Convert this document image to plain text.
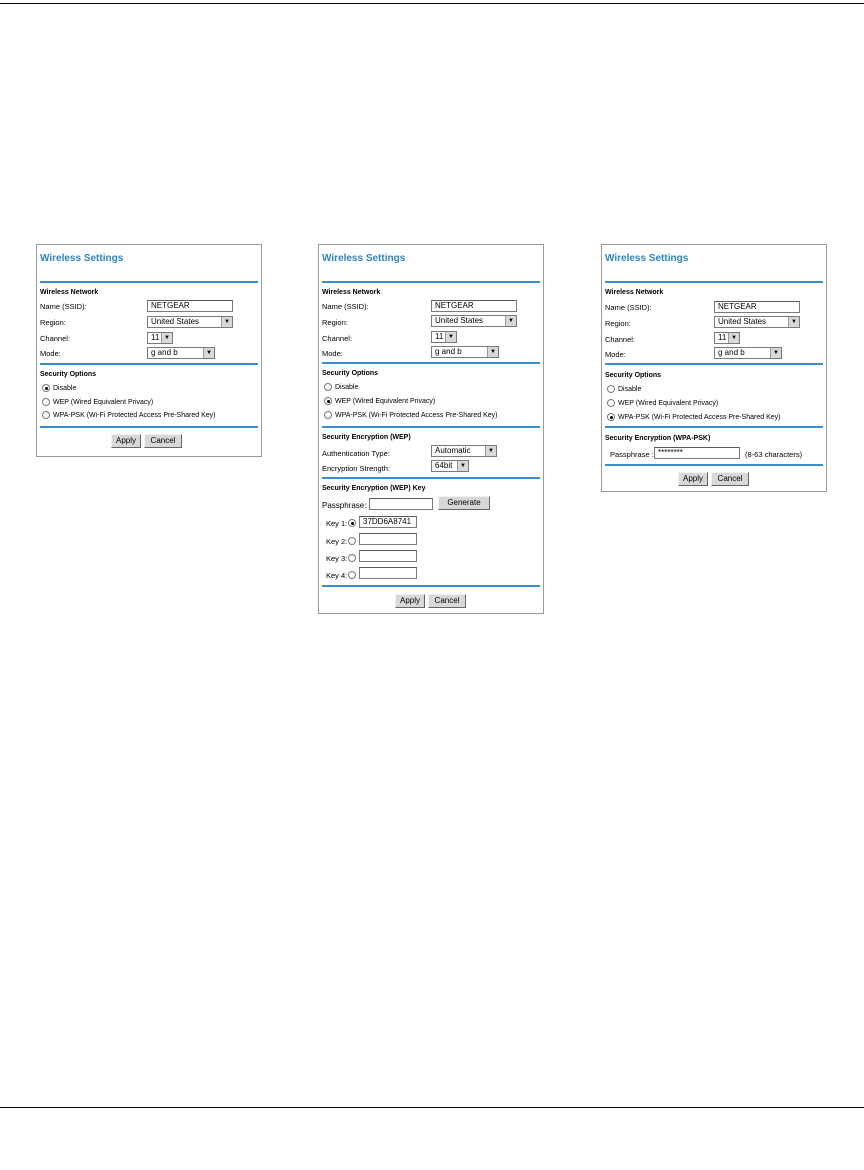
Wireless Settings
Wireless Network
Name (SSID):	NETGEAR
Region:	United States	▼
Channel:	11 ▼
Mode:	g and b	▼
Security Options
Disable
WEP (Wired Equivalent Privacy)
WPA-PSK (Wi-Fi Protected Access Pre-Shared Key)
Apply	Cancel
Wireless Settings
Wireless Network
Name (SSID):	NETGEAR
Region:	United States	▼
Channel:	11 ▼
Mode:	g and b	▼
Security Options
Disable
WEP (Wired Equivalent Privacy)
WPA-PSK (Wi-Fi Protected Access Pre-Shared Key)
Security Encryption (WEP)
Authentication Type:	Automatic	▼
Encryption Strength:	64bit	▼
Security Encryption (WEP) Key
Passphrase:	Generate
Key 1:	37DD6A8741
Key 2:
Key 3:
Key 4:
Apply	Cancel
Wireless Settings
Wireless Network
Name (SSID):	NETGEAR
Region:	United States	▼
Channel:	11 ▼
Mode:	g and b	▼
Security Options
Disable
WEP (Wired Equivalent Privacy)
WPA-PSK (Wi-Fi Protected Access Pre-Shared Key)
Security Encryption (WPA-PSK)
Passphrase : ********	(8-63 characters)
Apply	Cancel
